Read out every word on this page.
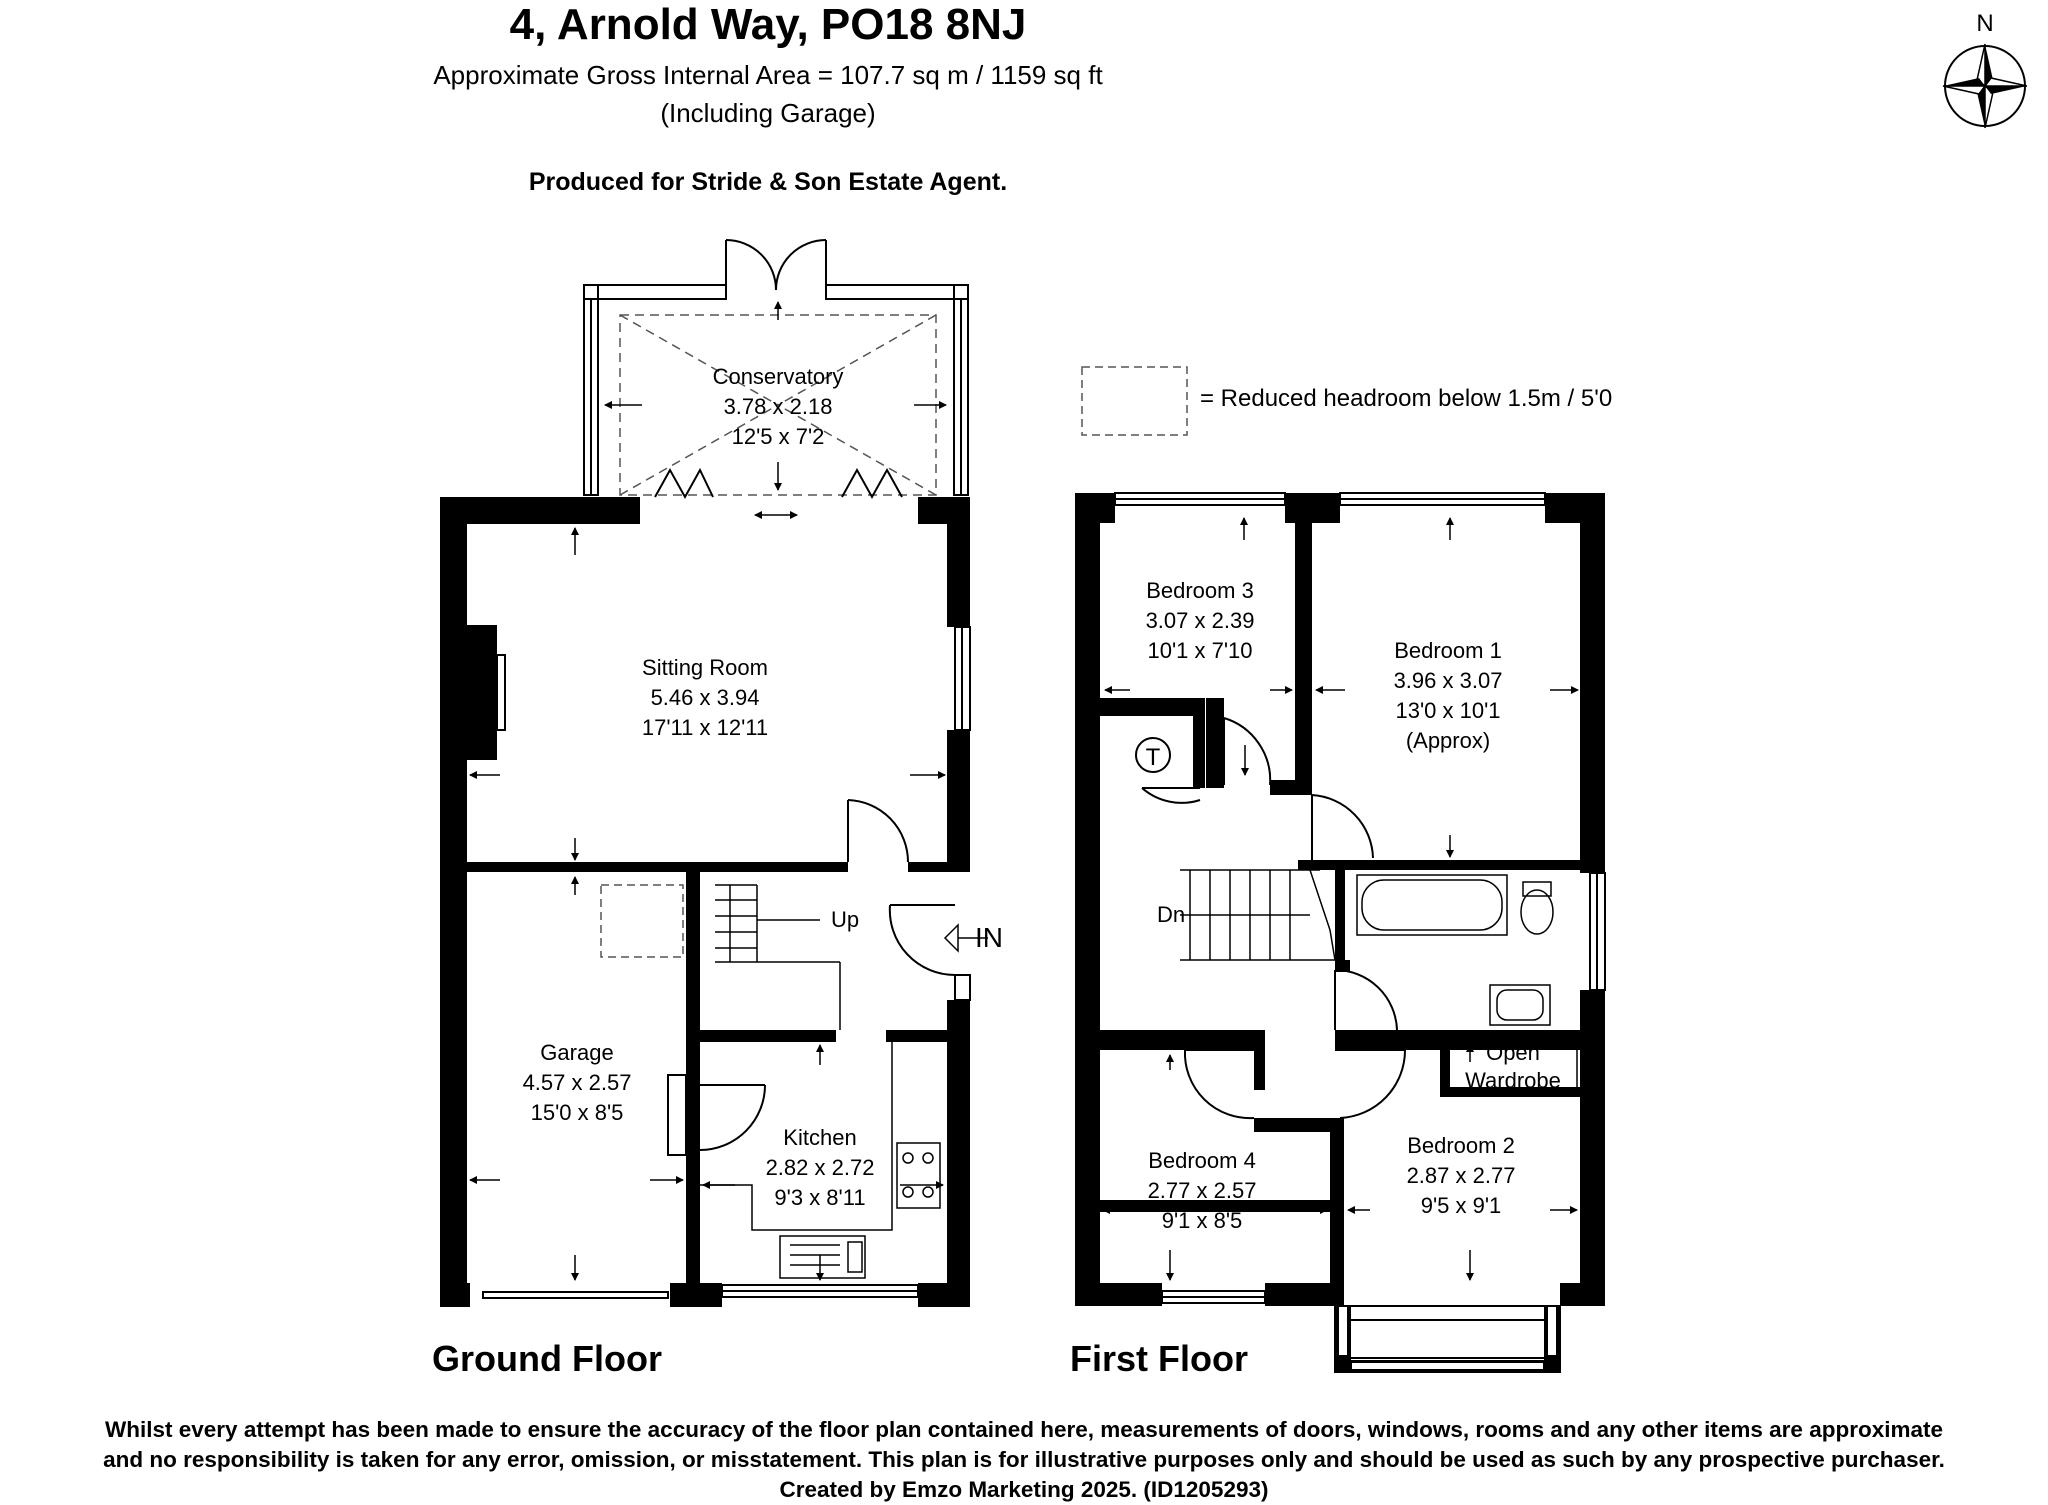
4, Arnold Way, PO18 8NJ
Approximate Gross Internal Area = 107.7 sq m / 1159 sq ft
(Including Garage)
Produced for Stride & Son Estate Agent.
Ground Floor	First Floor
Whilst every attempt has been made to ensure the accuracy of the floor plan contained here, measurements of doors, windows, rooms and any other items are approximate
and no responsibility is taken for any error, omission, or misstatement. This plan is for illustrative purposes only and should be used as such by any prospective purchaser.
Created by Emzo Marketing 2025. (ID1205293)
N
= Reduced headroom below 1.5m / 5'0
Conservatory
3.78 x 2.18
12'5 x 7'2
Sitting Room
5.46 x 3.94
17'11 x 12'11
Garage
4.57 x 2.57
15'0 x 8'5
Kitchen
2.82 x 2.72
9'3 x 8'11
Up
IN
T
Bedroom 3
3.07 x 2.39
10'1 x 7'10	Bedroom 1
3.96 x 3.07
13'0 x 10'1
(Approx)
Bedroom 4
2.77 x 2.57
9'1 x 8'5
Bedroom 2
2.87 x 2.77
9'5 x 9'1
Open
Wardrobe
Dn
